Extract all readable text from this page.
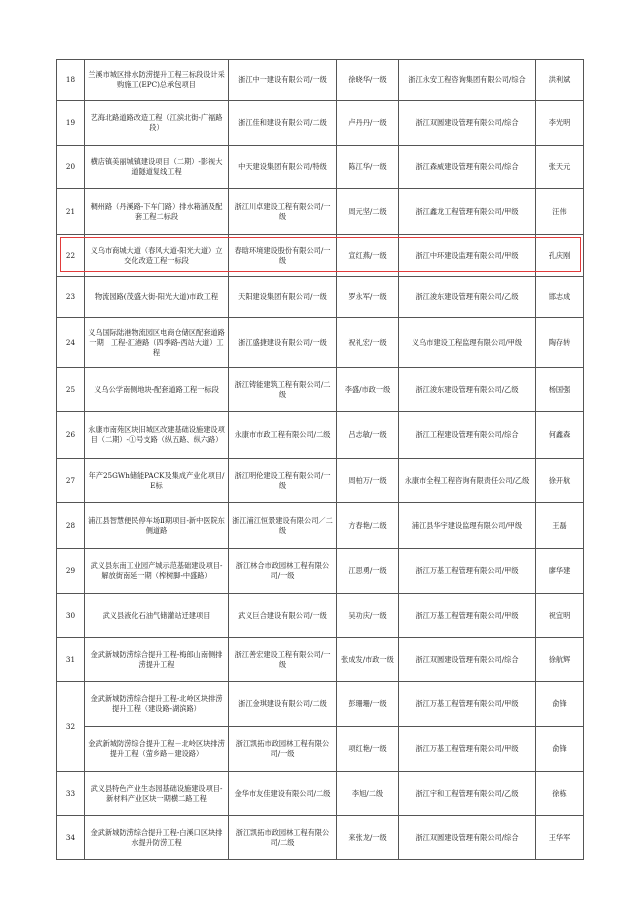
18	兰溪市城区排水防涝提升工程三标段设计采购施工(EPC)总承包项目	浙江中一建设有限公司/一级	徐晓华/一级	浙江永安工程咨询集团有限公司/综合	洪利斌
19	艺海北路道路改造工程（江滨北街-广福路段）	浙江佳和建设有限公司/二级	卢丹丹/一级	浙江双圆建设管理有限公司/综合	李光明
20	横店镇美丽城镇建设项目（二期）-影视大道隧道复线工程	中天建设集团有限公司/特级	陈江华/一级	浙江森威建设管理有限公司/综合	张天元
21	稠州路（丹溪路-下车门路）排水箱涵及配套工程二标段	浙江川卓建设工程有限公司/一级	周元坚/二级	浙江鑫龙工程管理有限公司/甲级	汪伟
22	义乌市商城大道（春风大道-阳光大道）立交化改造工程一标段	春晗环境建设股份有限公司/一级	宣红燕/一级	浙江中环建设监理有限公司/甲级	孔庆刚
23	物流园路(茂盛大街-阳光大道)市政工程	天阳建设集团有限公司/一级	罗永军/一级	浙江浚东建设管理有限公司/乙级	邯志成
24	义乌国际陆港物流园区电商仓储区配套道路一期　工程-汇港路（四季路-西站大道）工程	浙江盛捷建设有限公司/一级	祝礼宏/一级	义乌市建设工程监理有限公司/甲级	陶存转
25	义乌公学南侧地块-配套道路工程一标段	浙江铸能建筑工程有限公司/二级	李盛/市政一级	浙江浚东建设管理有限公司/乙级	杨国强
26	永康市南苑区块旧城区改建基础设施建设项目（二期）-①号支路（纵五路、纵六路）	永康市市政工程有限公司/二级	吕志敏/一级	浙江工程建设管理有限公司/综合	何鑫森
27	年产25GWh储能PACK及集成产业化项目/E标	浙江明伦建设工程有限公司/一级	周柏万/一级	永康市全程工程咨询有限责任公司/乙级	徐开航
28	浦江县智慧便民停车场Ⅱ期项目-新中医院东侧道路	浙江浦江恒景建设有限公司／二级	方春艳/二级	浦江县华宇建设监理有限公司/甲级	王磊
29	武义县东南工业园产城示范基础建设项目-解放街南延一期（榨树脚-中盛路）	浙江林合市政园林工程有限公司/一级	江思勇/一级	浙江万基工程管理有限公司/甲级	廖华建
30	武义县液化石油气储灌站迁建项目	武义巨合建设有限公司/一级	吴功庆/一级	浙江万基工程管理有限公司/甲级	祝宜明
31	金武新城防涝综合提升工程-梅郎山南侧排涝提升工程	浙江善宏建设工程有限公司/一级	张成发/市政一级	浙江双圆建设管理有限公司/综合	徐航辉
32	金武新城防涝综合提升工程-北岭区块排涝提升工程（建设路-湖滨路）	浙江金琪建设有限公司/二级	彭珊珊/一级	浙江万基工程管理有限公司/甲级	俞锋
	金武新城防涝综合提升工程－北岭区块排涝提升工程（萤乡路－建设路）	浙江凯拓市政园林工程有限公司/一级	项红艳/一级	浙江万基工程管理有限公司/甲级	俞锋
33	武义县特色产业生态园基础设施建设项目-新材料产业区块一期横二路工程	金华市友佳建设有限公司/二级	李旭/二级	浙江宇和工程管理有限公司/乙级	徐栋
34	金武新城防涝综合提升工程-白溪口区块排水提升防涝工程	浙江凯拓市政园林工程有限公司/二级	来张龙/一级	浙江双圆建设管理有限公司/综合	王华军
